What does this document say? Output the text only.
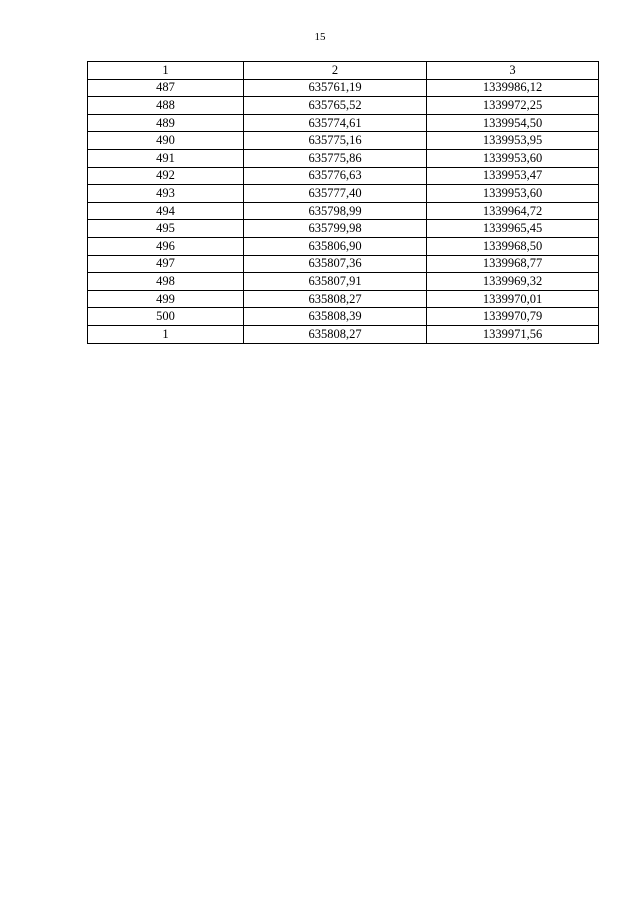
15
1	2	3
487	635761,19	1339986,12
488	635765,52	1339972,25
489	635774,61	1339954,50
490	635775,16	1339953,95
491	635775,86	1339953,60
492	635776,63	1339953,47
493	635777,40	1339953,60
494	635798,99	1339964,72
495	635799,98	1339965,45
496	635806,90	1339968,50
497	635807,36	1339968,77
498	635807,91	1339969,32
499	635808,27	1339970,01
500	635808,39	1339970,79
1	635808,27	1339971,56
